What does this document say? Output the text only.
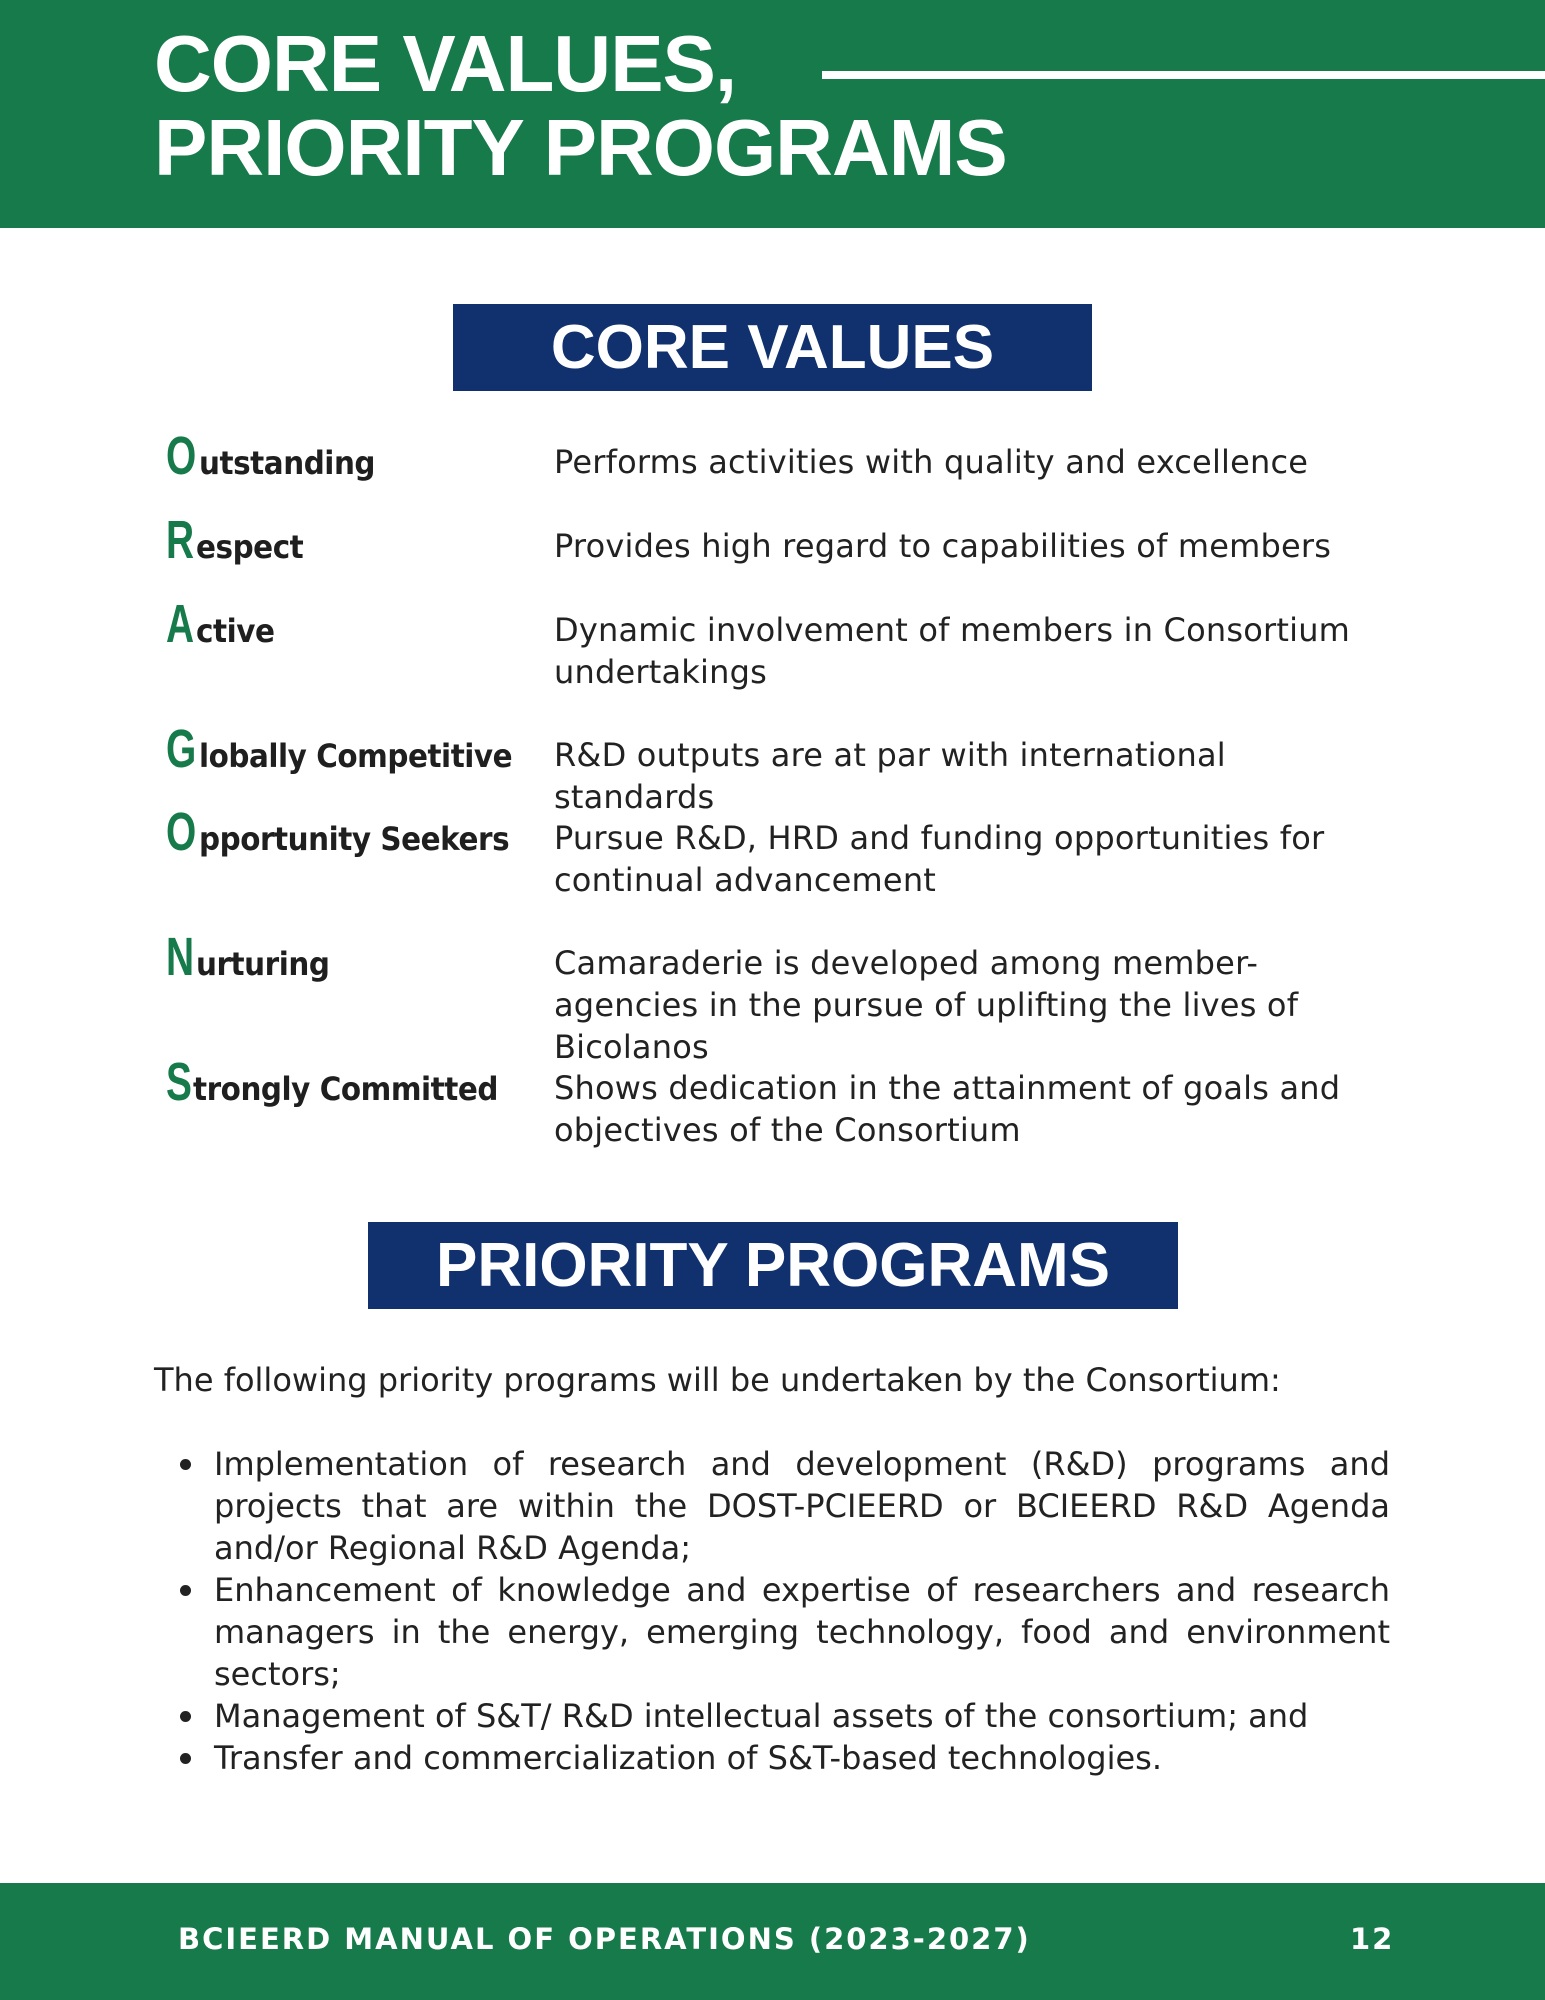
CORE VALUES,
PRIORITY PROGRAMS
CORE VALUES
Outstanding	Performs activities with quality and excellence

Respect	Provides high regard to capabilities of members

Active	Dynamic involvement of members in Consortium undertakings

Globally Competitive	R&D outputs are at par with international standards

Opportunity Seekers	Pursue R&D, HRD and funding opportunities for continual advancement

Nurturing	Camaraderie is developed among member-agencies in the pursue of uplifting the lives of Bicolanos

Strongly Committed	Shows dedication in the attainment of goals and objectives of the Consortium

PRIORITY PROGRAMS

The following priority programs will be undertaken by the Consortium:

Implementation of research and development (R&D) programs and projects that are within the DOST-PCIEERD or BCIEERD R&D Agenda and/or Regional R&D Agenda;
Enhancement of knowledge and expertise of researchers and research managers in the energy, emerging technology, food and environment sectors;
Management of S&T/ R&D intellectual assets of the consortium; and
Transfer and commercialization of S&T-based technologies.
BCIEERD MANUAL OF OPERATIONS (2023-2027)	12
